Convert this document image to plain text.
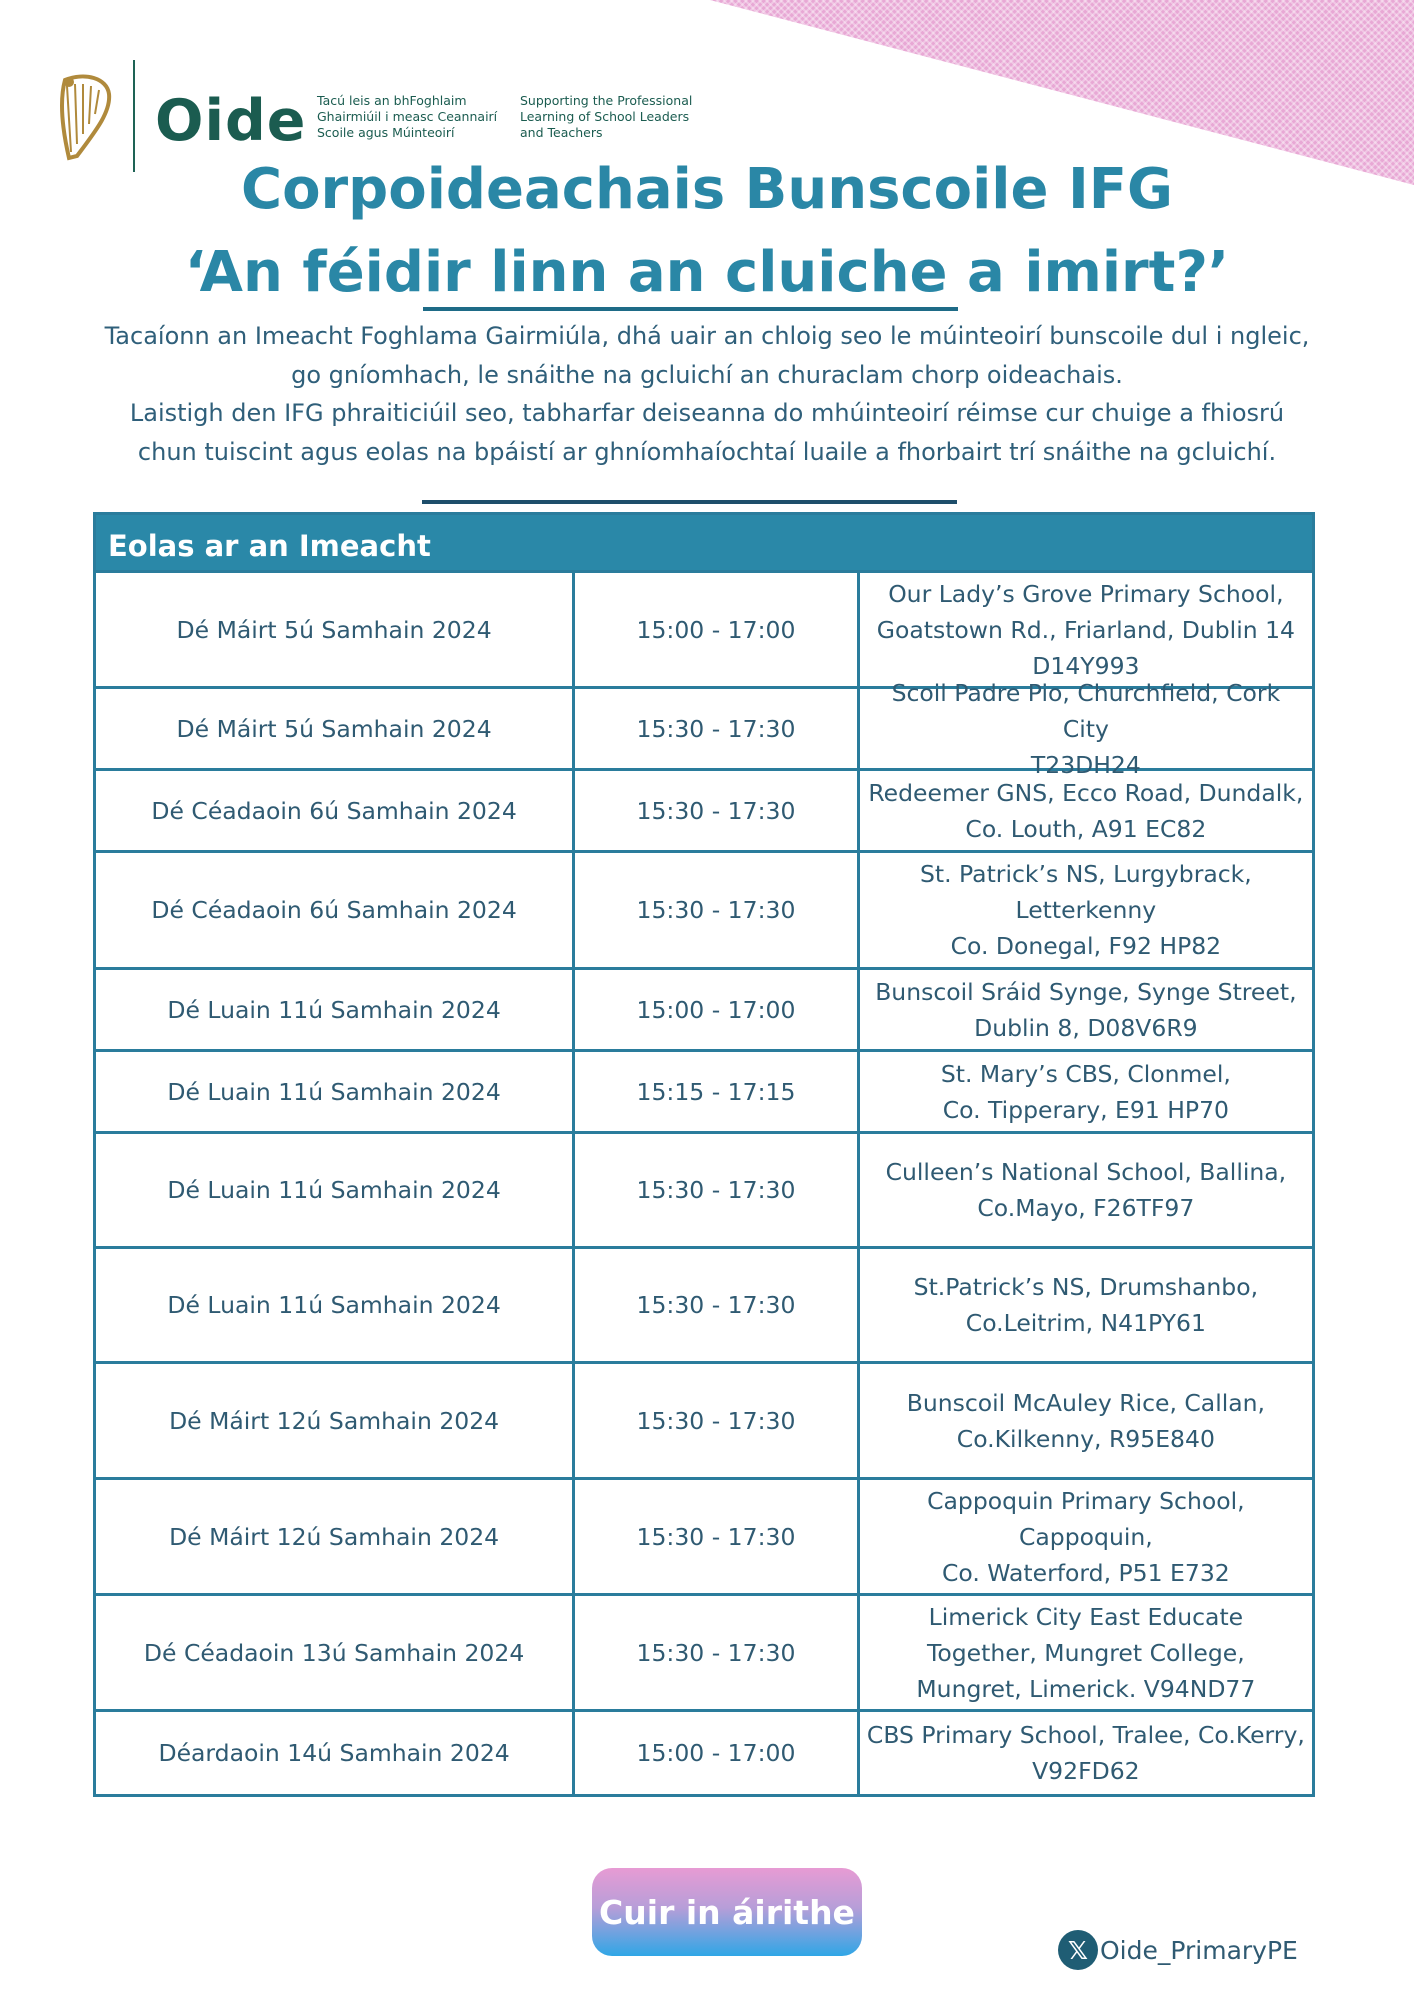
Oide Tacú leis an bhFoghlaim
Ghairmiúil i measc Ceannairí
Scoile agus Múinteoirí
Supporting the Professional
Learning of School Leaders
and Teachers
Corpoideachais Bunscoile IFG
‘An féidir linn an cluiche a imirt?’
Tacaíonn an Imeacht Foghlama Gairmiúla, dhá uair an chloig seo le múinteoirí bunscoile dul i ngleic, go gníomhach, le snáithe na gcluichí an churaclam chorp oideachais.
Laistigh den IFG phraiticiúil seo, tabharfar deiseanna do mhúinteoirí réimse cur chuige a fhiosrú chun tuiscint agus eolas na bpáistí ar ghníomhaíochtaí luaile a fhorbairt trí snáithe na gcluichí.
Eolas ar an Imeacht
Dé Máirt 5ú Samhain 2024	15:00 - 17:00
Our Lady’s Grove Primary School,
Goatstown Rd., Friarland, Dublin 14
D14Y993
Dé Máirt 5ú Samhain 2024	15:30 - 17:30
Scoil Padre Pio, Churchfield, Cork City
T23DH24
Dé Céadaoin 6ú Samhain 2024	15:30 - 17:30
Redeemer GNS, Ecco Road, Dundalk,
Co. Louth, A91 EC82
Dé Céadaoin 6ú Samhain 2024	15:30 - 17:30
St. Patrick’s NS, Lurgybrack,
Letterkenny
Co. Donegal, F92 HP82
Dé Luain 11ú Samhain 2024	15:00 - 17:00
Bunscoil Sráid Synge, Synge Street,
Dublin 8, D08V6R9
Dé Luain 11ú Samhain 2024	15:15 - 17:15
St. Mary’s CBS, Clonmel,
Co. Tipperary, E91 HP70
Dé Luain 11ú Samhain 2024	15:30 - 17:30
Culleen’s National School, Ballina,
Co.Mayo, F26TF97
Dé Luain 11ú Samhain 2024	15:30 - 17:30
St.Patrick’s NS, Drumshanbo,
Co.Leitrim, N41PY61
Dé Máirt 12ú Samhain 2024	15:30 - 17:30
Bunscoil McAuley Rice, Callan,
Co.Kilkenny, R95E840
Dé Máirt 12ú Samhain 2024	15:30 - 17:30
Cappoquin Primary School,
Cappoquin,
Co. Waterford, P51 E732
Dé Céadaoin 13ú Samhain 2024	15:30 - 17:30
Limerick City East Educate
Together, Mungret College,
Mungret, Limerick. V94ND77
Déardaoin 14ú Samhain 2024	15:00 - 17:00
CBS Primary School, Tralee, Co.Kerry,
V92FD62
Cuir in áirithe
𝕏 Oide_PrimaryPE
